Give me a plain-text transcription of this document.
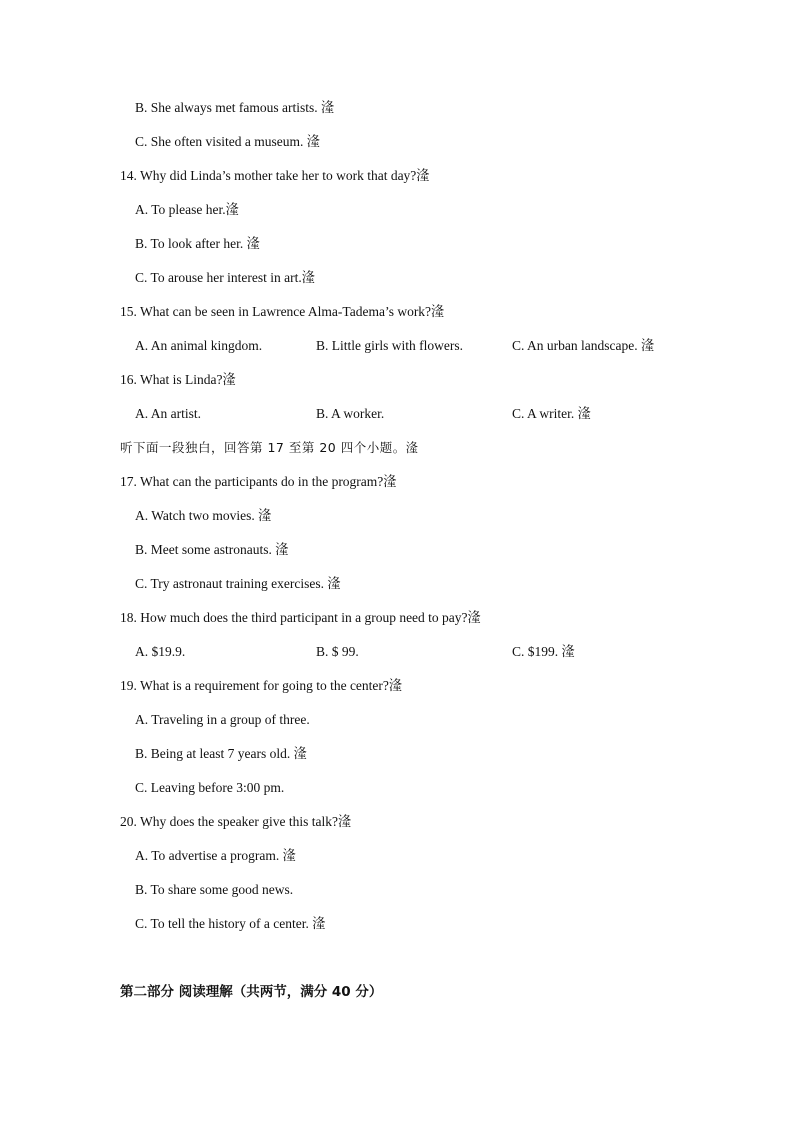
B. She always met famous artists. 湰
C. She often visited a museum. 湰
14. Why did Linda’s mother take her to work that day?湰
A. To please her.湰
B. To look after her. 湰
C. To arouse her interest in art.湰
15. What can be seen in Lawrence Alma-Tadema’s work?湰
A. An animal kingdom.	B. Little girls with flowers.	C. An urban landscape. 湰
16. What is Linda?湰
A. An artist.	B. A worker.	C. A writer. 湰
听下面一段独白，回答第 17 至第 20 四个小题。湰
17. What can the participants do in the program?湰
A. Watch two movies. 湰
B. Meet some astronauts. 湰
C. Try astronaut training exercises. 湰
18. How much does the third participant in a group need to pay?湰
A. $19.9.	B. $ 99.	C. $199. 湰
19. What is a requirement for going to the center?湰
A. Traveling in a group of three.
B. Being at least 7 years old. 湰
C. Leaving before 3:00 pm.
20. Why does the speaker give this talk?湰
A. To advertise a program. 湰
B. To share some good news.
C. To tell the history of a center. 湰
第二部分 阅读理解（共两节，满分 40 分）
